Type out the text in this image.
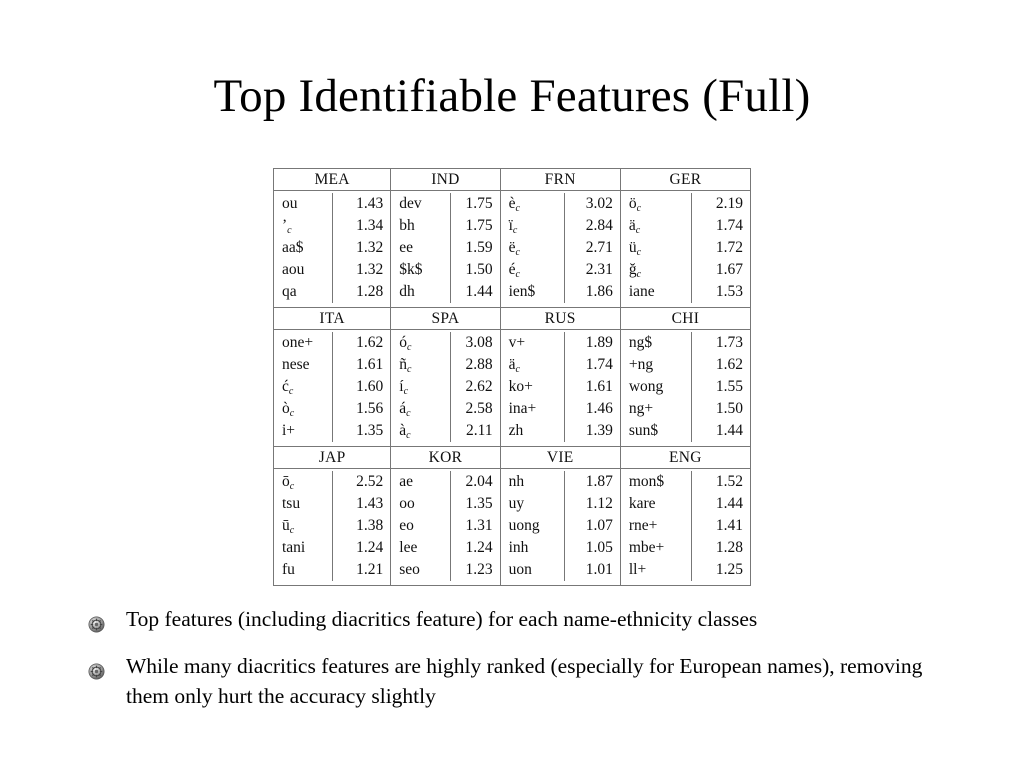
Top Identifiable Features (Full)
MEA
ou
$’_c$
aa$
aou
qa
1.43
1.34
1.32
1.32
1.28
IND
dev
bh
ee
$k$
dh
1.75
1.75
1.59
1.50
1.44
FRN
$è_c$
$ï_c$
$ë_c$
$é_c$
ien$
3.02
2.84
2.71
2.31
1.86
GER
$ö_c$
$ä_c$
$ü_c$
$ğ_c$
iane
2.19
1.74
1.72
1.67
1.53
ITA
one+
nese
$ć_c$
$ò_c$
i+
1.62
1.61
1.60
1.56
1.35
SPA
$ó_c$
$ñ_c$
$í_c$
$á_c$
$à_c$
3.08
2.88
2.62
2.58
2.11
RUS
v+
$ä_c$
ko+
ina+
zh
1.89
1.74
1.61
1.46
1.39
CHI
ng$
+ng
wong
ng+
sun$
1.73
1.62
1.55
1.50
1.44
JAP
$ō_c$
tsu
$ū_c$
tani
fu
2.52
1.43
1.38
1.24
1.21
KOR
ae
oo
eo
lee
seo
2.04
1.35
1.31
1.24
1.23
VIE
nh
uy
uong
inh
uon
1.87
1.12
1.07
1.05
1.01
ENG
mon$
kare
rne+
mbe+
ll+
1.52
1.44
1.41
1.28
1.25
Top features (including diacritics feature) for each name-ethnicity classes
While many diacritics features are highly ranked (especially for European names), removing them only hurt the accuracy slightly
